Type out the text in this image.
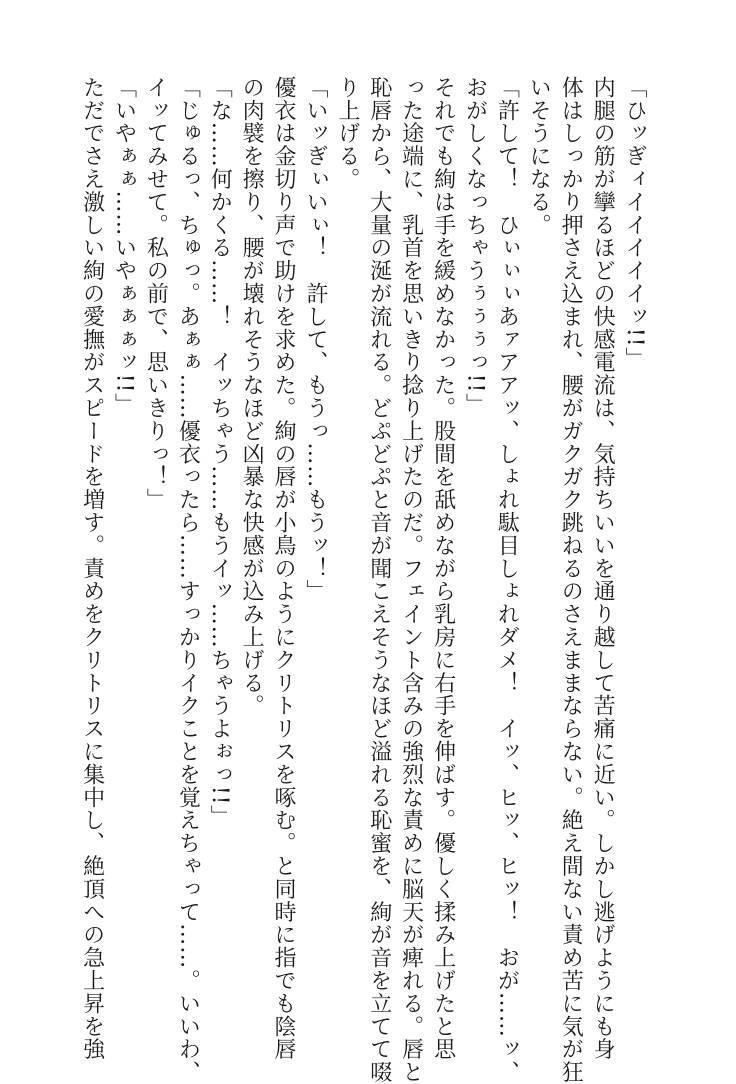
「ひッぎィイイイイイッ!!」

内腿の筋が攣るほどの快感電流は、気持ちいいを通り越して苦痛に近い。しかし逃げようにも身

体はしっかり押さえ込まれ、腰がガクガク跳ねるのさえままならない。絶え間ない責め苦に気が狂

いそうになる。

「許して！　ひぃぃぃあァアアッ、しょれ駄目しょれダメ！　イッ、ヒッ、ヒッ！　おが……ッ、

おがしくなっちゃうぅぅぅっ!!」

それでも絢は手を緩めなかった。股間を舐めながら乳房に右手を伸ばす。優しく揉み上げたと思

った途端に、乳首を思いきり捻り上げたのだ。フェイント含みの強烈な責めに脳天が痺れる。唇と

恥唇から、大量の涎が流れる。どぷどぷと音が聞こえそうなほど溢れる恥蜜を、絢が音を立てて啜

り上げる。

「いッぎぃいぃ！　許して、もうっ……もうッ！」

優衣は金切り声で助けを求めた。絢の唇が小鳥のようにクリトリスを啄む。と同時に指でも陰唇

の肉襞を擦り、腰が壊れそうなほど凶暴な快感が込み上げる。

「な……何かくる……！　イッちゃう……もうイッ……ちゃうよぉっ!!」

「じゅるっ、ちゅっ。あぁぁ……優衣ったら……すっかりイクことを覚えちゃって……。いいわ、

イッてみせて。私の前で、思いきりっ！」

「いやぁぁ……いやぁぁぁッ!!」

ただでさえ激しい絢の愛撫がスピードを増す。責めをクリトリスに集中し、絶頂への急上昇を強
